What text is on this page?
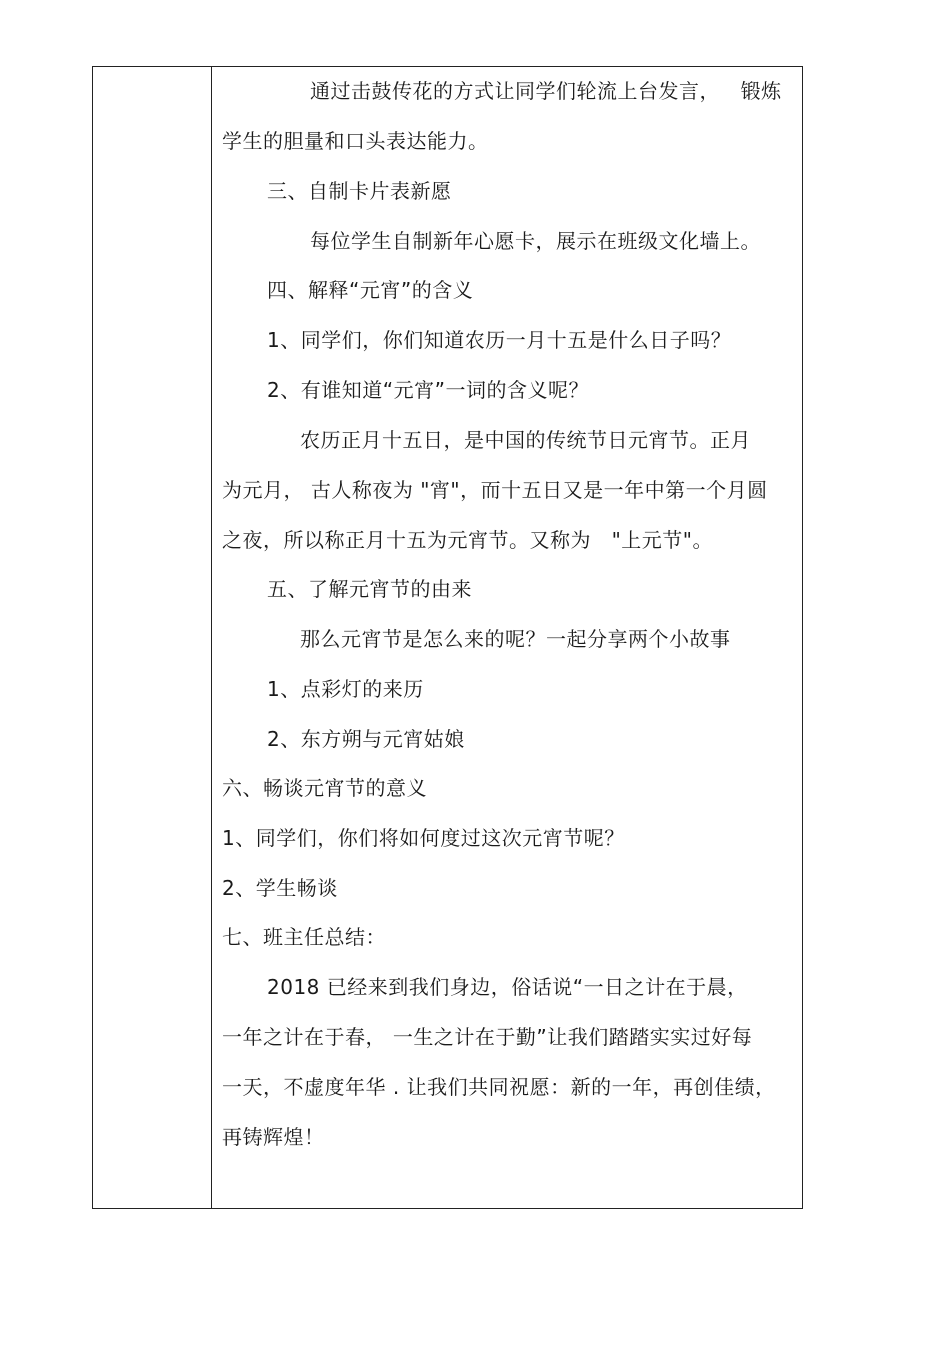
通过击鼓传花的方式让同学们轮流上台发言，   锻炼
学生的胆量和口头表达能力。
三、自制卡片表新愿
每位学生自制新年心愿卡，展示在班级文化墙上。
四、解释“元宵”的含义
1、同学们，你们知道农历一月十五是什么日子吗？
2、有谁知道“元宵”一词的含义呢？
农历正月十五日，是中国的传统节日元宵节。正月
为元月， 古人称夜为 "宵"，而十五日又是一年中第一个月圆
之夜，所以称正月十五为元宵节。又称为   "上元节"。
五、了解元宵节的由来
那么元宵节是怎么来的呢？一起分享两个小故事
1、点彩灯的来历
2、东方朔与元宵姑娘
六、畅谈元宵节的意义
1、同学们，你们将如何度过这次元宵节呢？
2、学生畅谈
七、班主任总结：
2018 已经来到我们身边，俗话说“一日之计在于晨，
一年之计在于春， 一生之计在于勤”让我们踏踏实实过好每
一天，不虚度年华 . 让我们共同祝愿：新的一年，再创佳绩，
再铸辉煌！
